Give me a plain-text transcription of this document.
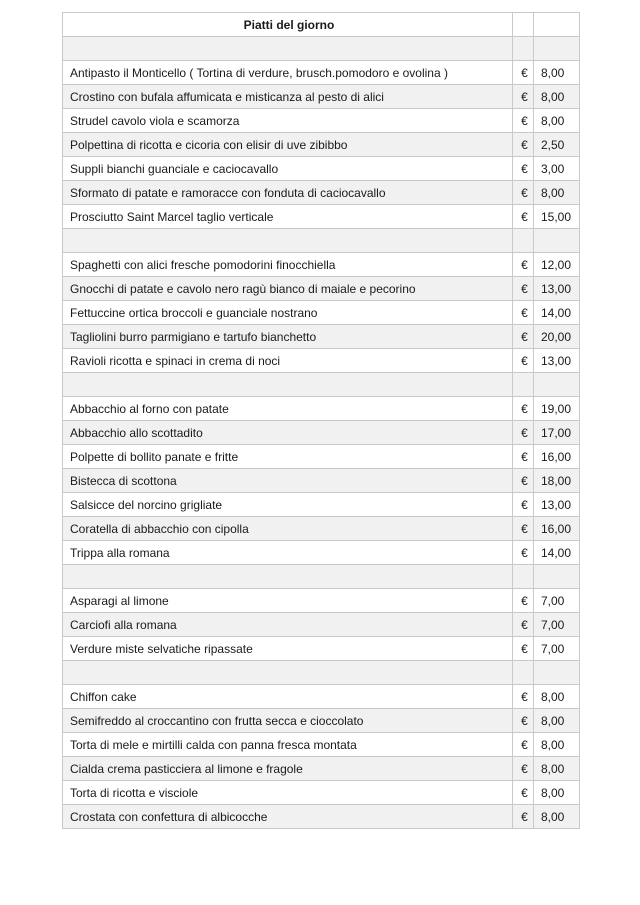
Piatti del giorno		

Antipasto il Monticello ( Tortina di verdure, brusch.pomodoro e ovolina )	€	8,00
Crostino con bufala affumicata e misticanza al pesto di alici	€	8,00
Strudel cavolo viola e scamorza	€	8,00
Polpettina di ricotta e cicoria con elisir di uve zibibbo	€	2,50
Suppli bianchi guanciale e caciocavallo	€	3,00
Sformato di patate e ramoracce con fonduta di caciocavallo	€	8,00
Prosciutto Saint Marcel taglio verticale	€	15,00

Spaghetti con alici fresche pomodorini finocchiella	€	12,00
Gnocchi di patate e cavolo nero ragù bianco di maiale e pecorino	€	13,00
Fettuccine ortica broccoli e guanciale nostrano	€	14,00
Tagliolini burro parmigiano e tartufo bianchetto	€	20,00
Ravioli ricotta e spinaci in crema di noci	€	13,00

Abbacchio al forno con patate	€	19,00
Abbacchio allo scottadito	€	17,00
Polpette di bollito panate e fritte	€	16,00
Bistecca di scottona	€	18,00
Salsicce del norcino grigliate	€	13,00
Coratella di abbacchio con cipolla	€	16,00
Trippa alla romana	€	14,00

Asparagi al limone	€	7,00
Carciofi alla romana	€	7,00
Verdure miste selvatiche ripassate	€	7,00

Chiffon cake	€	8,00
Semifreddo al croccantino con frutta secca e cioccolato	€	8,00
Torta di mele e mirtilli calda con panna fresca montata	€	8,00
Cialda crema pasticciera al limone e fragole	€	8,00
Torta di ricotta e visciole	€	8,00
Crostata con confettura di albicocche	€	8,00
